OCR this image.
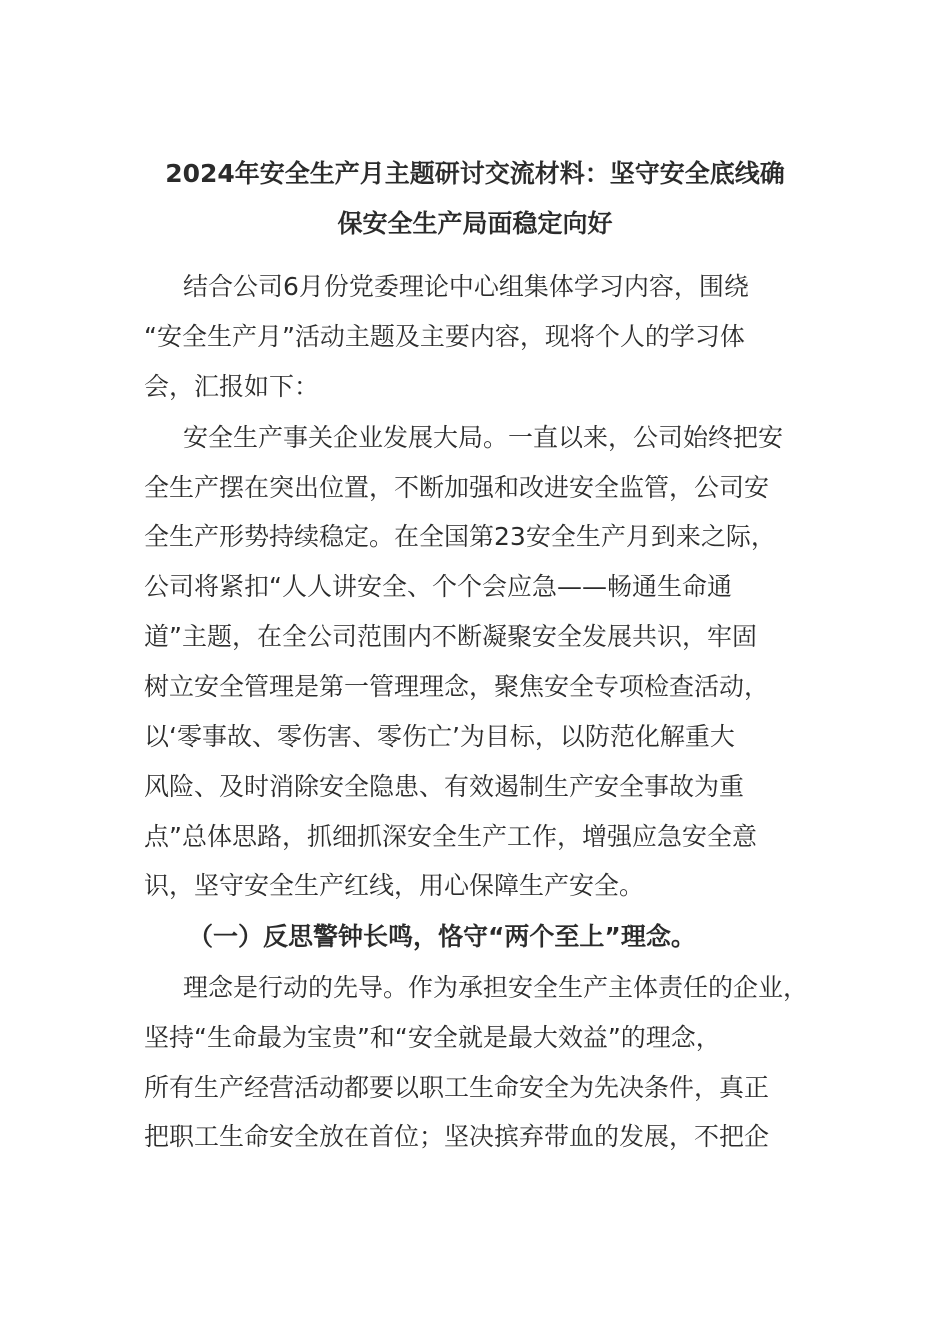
2024年安全生产月主题研讨交流材料：坚守安全底线确
保安全生产局面稳定向好
结合公司6月份党委理论中心组集体学习内容，围绕
“安全生产月”活动主题及主要内容，现将个人的学习体
会，汇报如下：
安全生产事关企业发展大局。一直以来，公司始终把安
全生产摆在突出位置，不断加强和改进安全监管，公司安
全生产形势持续稳定。在全国第23安全生产月到来之际，
公司将紧扣“人人讲安全、个个会应急——畅通生命通
道”主题，在全公司范围内不断凝聚安全发展共识，牢固
树立安全管理是第一管理理念，聚焦安全专项检查活动，
以‘零事故、零伤害、零伤亡’为目标，以防范化解重大
风险、及时消除安全隐患、有效遏制生产安全事故为重
点”总体思路，抓细抓深安全生产工作，增强应急安全意
识，坚守安全生产红线，用心保障生产安全。
（一）反思警钟长鸣，恪守“两个至上”理念。
理念是行动的先导。作为承担安全生产主体责任的企业，
坚持“生命最为宝贵”和“安全就是最大效益”的理念，
所有生产经营活动都要以职工生命安全为先决条件，真正
把职工生命安全放在首位；坚决摈弃带血的发展，不把企
